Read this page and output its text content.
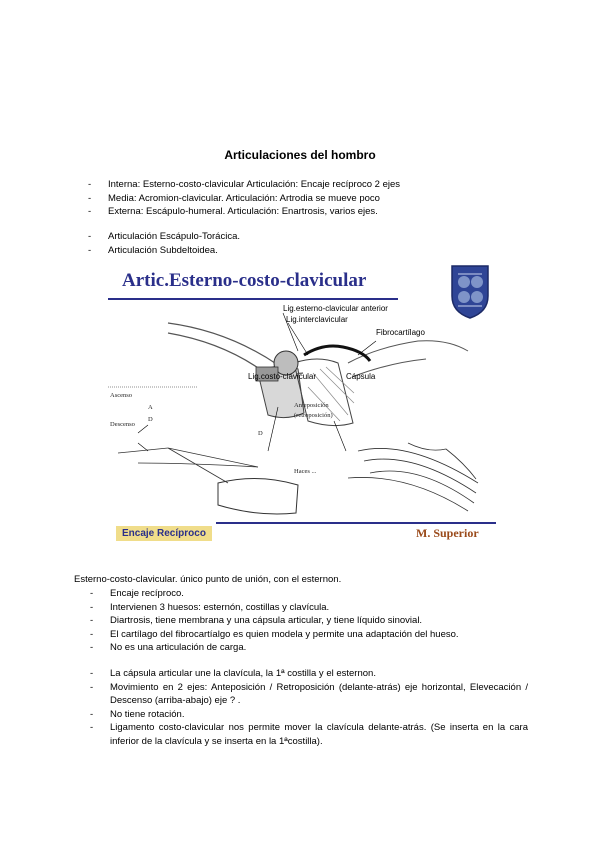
Articulaciones del hombro
- Interna: Esterno-costo-clavicular Articulación: Encaje recíproco 2 ejes
- Media: Acromion-clavicular. Articulación: Artrodia se mueve poco
- Externa: Escápulo-humeral. Articulación: Enartrosis, varios ejes.
- Articulación Escápulo-Torácica.
- Articulación Subdeltoidea.
Artic.Esterno-costo-clavicular
Lig.esterno-clavicular anterior
Lig.interclavicular
Fibrocartílago
Lig.costo-clavicular	Cápsula
Ascenso
A
Descenso
D
D
Anteposición
(retroposición)
Haces ...
Encaje Recíproco	M. Superior
Esterno-costo-clavicular. único punto de unión, con el esternon.
- Encaje recíproco.
- Intervienen 3 huesos: esternón, costillas y clavícula.
- Diartrosis, tiene membrana y una cápsula articular, y tiene líquido sinovial.
- El cartílago del fibrocartíalgo es quien modela y permite una adaptación del hueso.
- No es una articulación de carga.
- La cápsula articular une la clavícula, la 1ª costilla y el esternon.
- Movimiento en 2 ejes: Anteposición / Retroposición (delante-atrás) eje horizontal, Elevecación / Descenso (arriba-abajo) eje ? .
- No tiene rotación.
- Ligamento costo-clavicular nos permite mover la clavícula delante-atrás. (Se inserta en la cara inferior de la clavícula y se inserta en la 1ªcostilla).
